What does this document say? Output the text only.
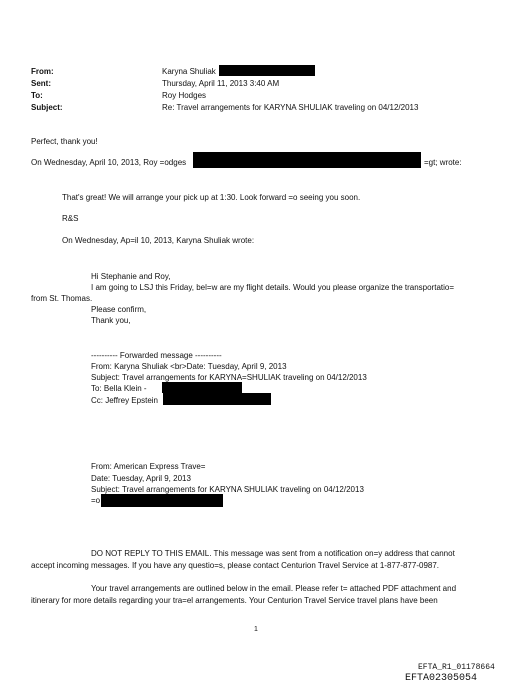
From:
Sent:
To:
Subject:
Karyna Shuliak
Thursday, April 11, 2013 3:40 AM
Roy Hodges
Re: Travel arrangements for KARYNA SHULIAK traveling on 04/12/2013
Perfect, thank you!
On Wednesday, April 10, 2013, Roy =odges	=gt; wrote:
That's great! We will arrange your pick up at 1:30. Look forward =o seeing you soon.
R&S
On Wednesday, Ap=il 10, 2013, Karyna Shuliak wrote:
Hi Stephanie and Roy,
I am going to LSJ this Friday, bel=w are my flight details. Would you please organize the transportatio=
from St. Thomas.
Please confirm,
Thank you,
---------- Forwarded message ----------
From: Karyna Shuliak <br>Date: Tuesday, April 9, 2013
Subject: Travel arrangements for KARYNA=SHULIAK traveling on 04/12/2013
To: Bella Klein -
Cc: Jeffrey Epstein
From: American Express Trave=
Date: Tuesday, April 9, 2013
Subject: Travel arrangements for KARYNA SHULIAK traveling on 04/12/2013
=o
DO NOT REPLY TO THIS EMAIL. This message was sent from a notification on=y address that cannot
accept incoming messages. If you have any questio=s, please contact Centurion Travel Service at 1-877-877-0987.
Your travel arrangements are outlined below in the email. Please refer t= attached PDF attachment and
itinerary for more details regarding your tra=el arrangements. Your Centurion Travel Service travel plans have been
1
EFTA_R1_01178664
EFTA02305054
